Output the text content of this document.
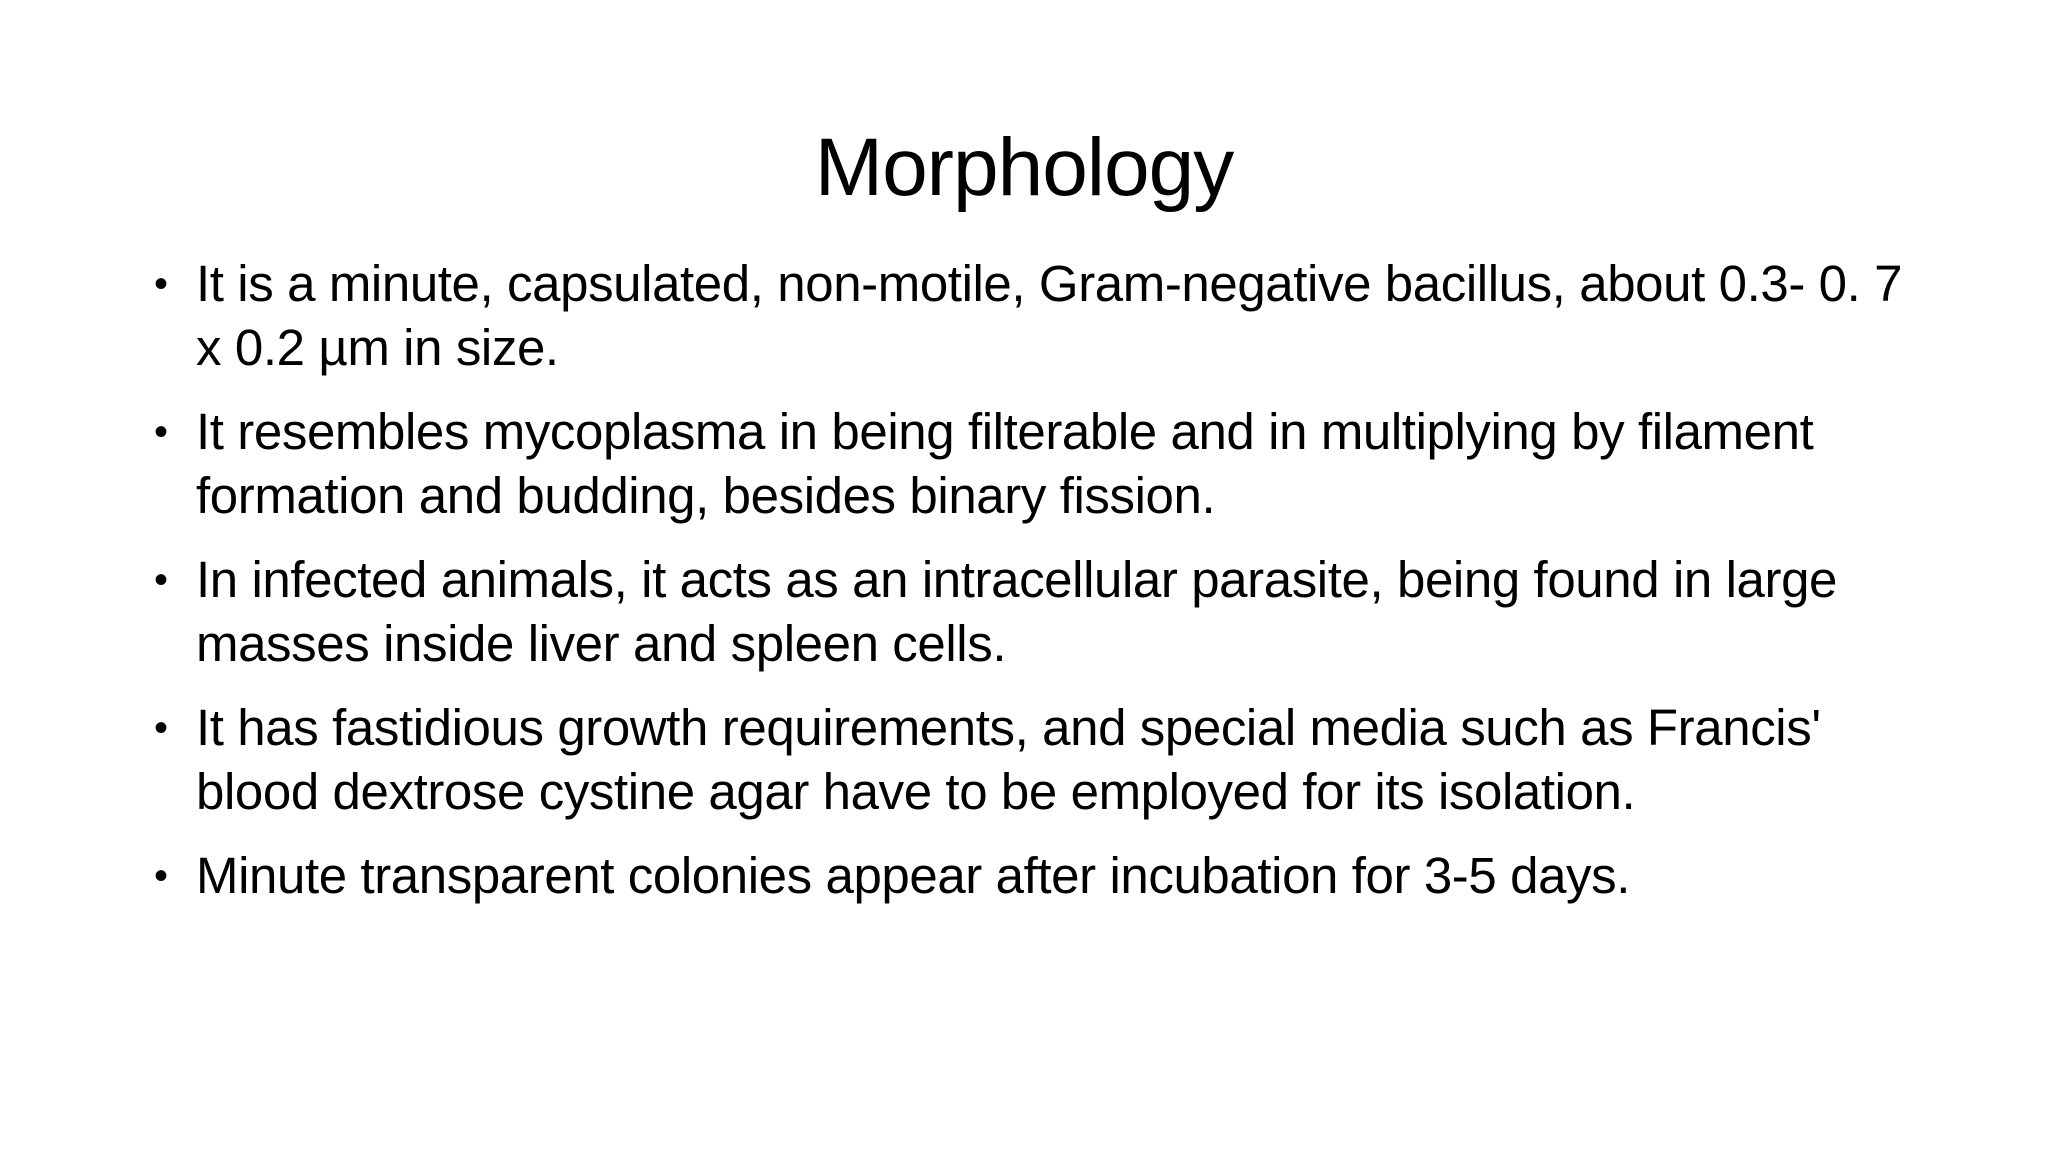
Morphology
• It is a minute, capsulated, non-motile, Gram-negative bacillus, about 0.3- 0. 7 x 0.2 µm in size.
• It resembles mycoplasma in being filterable and in multiplying by filament formation and budding, besides binary fission.
• In infected animals, it acts as an intracellular parasite, being found in large masses inside liver and spleen cells.
• It has fastidious growth requirements, and special media such as Francis' blood dextrose cystine agar have to be employed for its isolation.
• Minute transparent colonies appear after incubation for 3-5 days.
